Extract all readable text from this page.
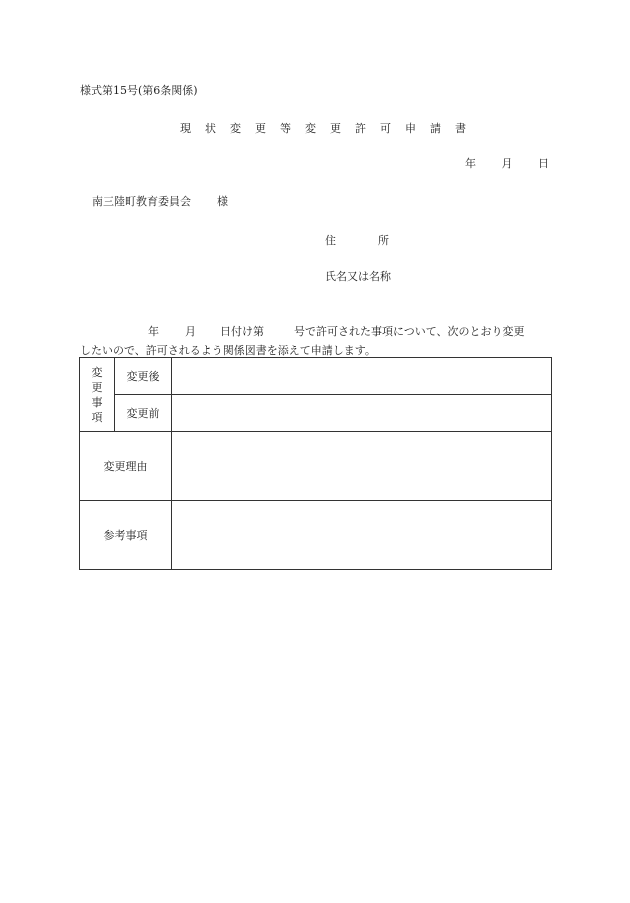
様式第15号(第6条関係)
現 状 変 更 等 変 更 許 可 申 請 書
年 月 日
南三陸町教育委員会 様
住	所
氏名又は名称
年 月 日付け第	号で許可された事項について、次のとおり変更
したいので、許可されるよう関係図書を添えて申請します。
変
更
事
項	変更後	
	変更前	
変更理由		
参考事項		
